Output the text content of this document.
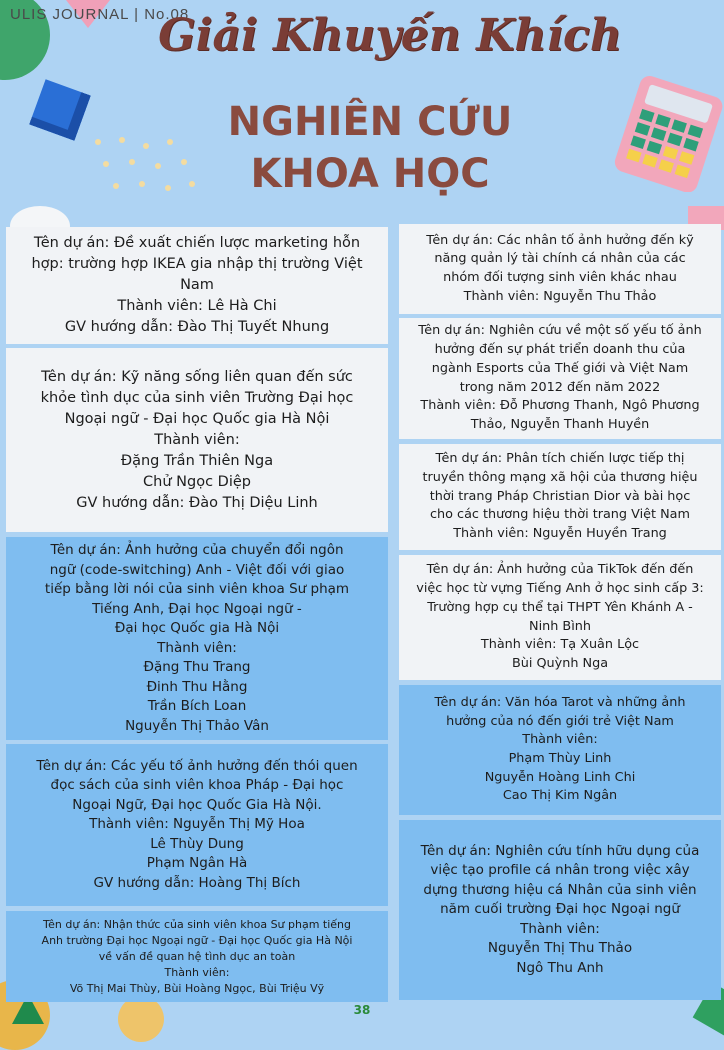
ULIS JOURNAL | No.08
Giải Khuyến Khích
NGHIÊN CỨU
KHOA HỌC
Tên dự án: Đề xuất chiến lược marketing hỗn
hợp: trường hợp IKEA gia nhập thị trường Việt
Nam
Thành viên: Lê Hà Chi
GV hướng dẫn: Đào Thị Tuyết Nhung
Tên dự án: Kỹ năng sống liên quan đến sức
khỏe tình dục của sinh viên Trường Đại học
Ngoại ngữ - Đại học Quốc gia Hà Nội
Thành viên:
Đặng Trần Thiên Nga
Chử Ngọc Diệp
GV hướng dẫn: Đào Thị Diệu Linh
Tên dự án: Ảnh hưởng của chuyển đổi ngôn
ngữ (code-switching) Anh - Việt đối với giao
tiếp bằng lời nói của sinh viên khoa Sư phạm
Tiếng Anh, Đại học Ngoại ngữ -
Đại học Quốc gia Hà Nội
Thành viên:
Đặng Thu Trang
Đinh Thu Hằng
Trần Bích Loan
Nguyễn Thị Thảo Vân
Tên dự án: Các yếu tố ảnh hưởng đến thói quen
đọc sách của sinh viên khoa Pháp - Đại học
Ngoại Ngữ, Đại học Quốc Gia Hà Nội.
Thành viên: Nguyễn Thị Mỹ Hoa
Lê Thùy Dung
Phạm Ngân Hà
GV hướng dẫn: Hoàng Thị Bích
Tên dự án: Nhận thức của sinh viên khoa Sư phạm tiếng
Anh trường Đại học Ngoại ngữ - Đại học Quốc gia Hà Nội
về vấn đề quan hệ tình dục an toàn
Thành viên:
Võ Thị Mai Thùy, Bùi Hoàng Ngọc, Bùi Triệu Vỹ
Tên dự án: Các nhân tố ảnh hưởng đến kỹ
năng quản lý tài chính cá nhân của các
nhóm đối tượng sinh viên khác nhau
Thành viên: Nguyễn Thu Thảo
Tên dự án: Nghiên cứu về một số yếu tố ảnh
hưởng đến sự phát triển doanh thu của
ngành Esports của Thế giới và Việt Nam
trong năm 2012 đến năm 2022
Thành viên: Đỗ Phương Thanh, Ngô Phương
Thảo, Nguyễn Thanh Huyền
Tên dự án: Phân tích chiến lược tiếp thị
truyền thông mạng xã hội của thương hiệu
thời trang Pháp Christian Dior và bài học
cho các thương hiệu thời trang Việt Nam
Thành viên: Nguyễn Huyền Trang
Tên dự án: Ảnh hưởng của TikTok đến đến
việc học từ vựng Tiếng Anh ở học sinh cấp 3:
Trường hợp cụ thể tại THPT Yên Khánh A -
Ninh Bình
Thành viên: Tạ Xuân Lộc
Bùi Quỳnh Nga
Tên dự án: Văn hóa Tarot và những ảnh
hưởng của nó đến giới trẻ Việt Nam
Thành viên:
Phạm Thùy Linh
Nguyễn Hoàng Linh Chi
Cao Thị Kim Ngân
Tên dự án: Nghiên cứu tính hữu dụng của
việc tạo profile cá nhân trong việc xây
dựng thương hiệu cá Nhân của sinh viên
năm cuối trường Đại học Ngoại ngữ
Thành viên:
Nguyễn Thị Thu Thảo
Ngô Thu Anh
38
